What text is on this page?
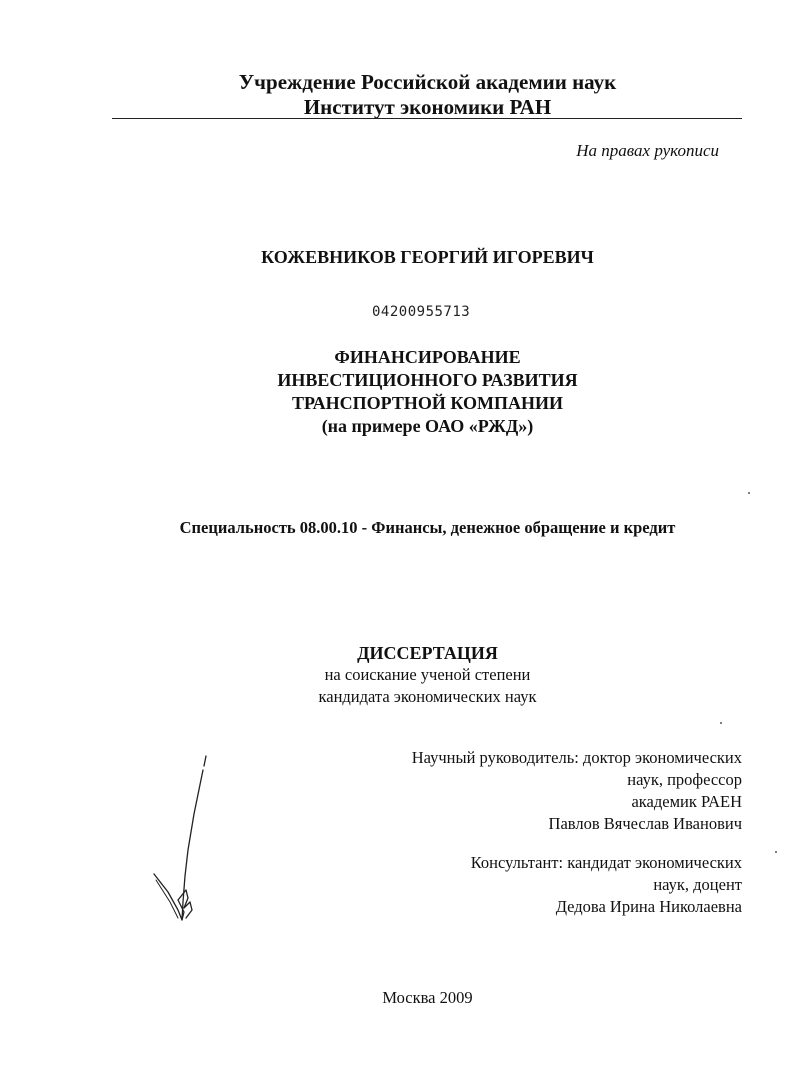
Учреждение Российской академии наук
Институт экономики РАН
На правах рукописи
КОЖЕВНИКОВ ГЕОРГИЙ ИГОРЕВИЧ
04200955713
ФИНАНСИРОВАНИЕ
ИНВЕСТИЦИОННОГО РАЗВИТИЯ
ТРАНСПОРТНОЙ КОМПАНИИ
(на примере ОАО «РЖД»)
Специальность 08.00.10 - Финансы, денежное обращение и кредит
ДИССЕРТАЦИЯ
на соискание ученой степени
кандидата экономических наук
Научный руководитель: доктор экономических
наук, профессор
академик РАЕН
Павлов Вячеслав Иванович
Консультант: кандидат экономических
наук, доцент
Дедова Ирина Николаевна
Москва 2009
